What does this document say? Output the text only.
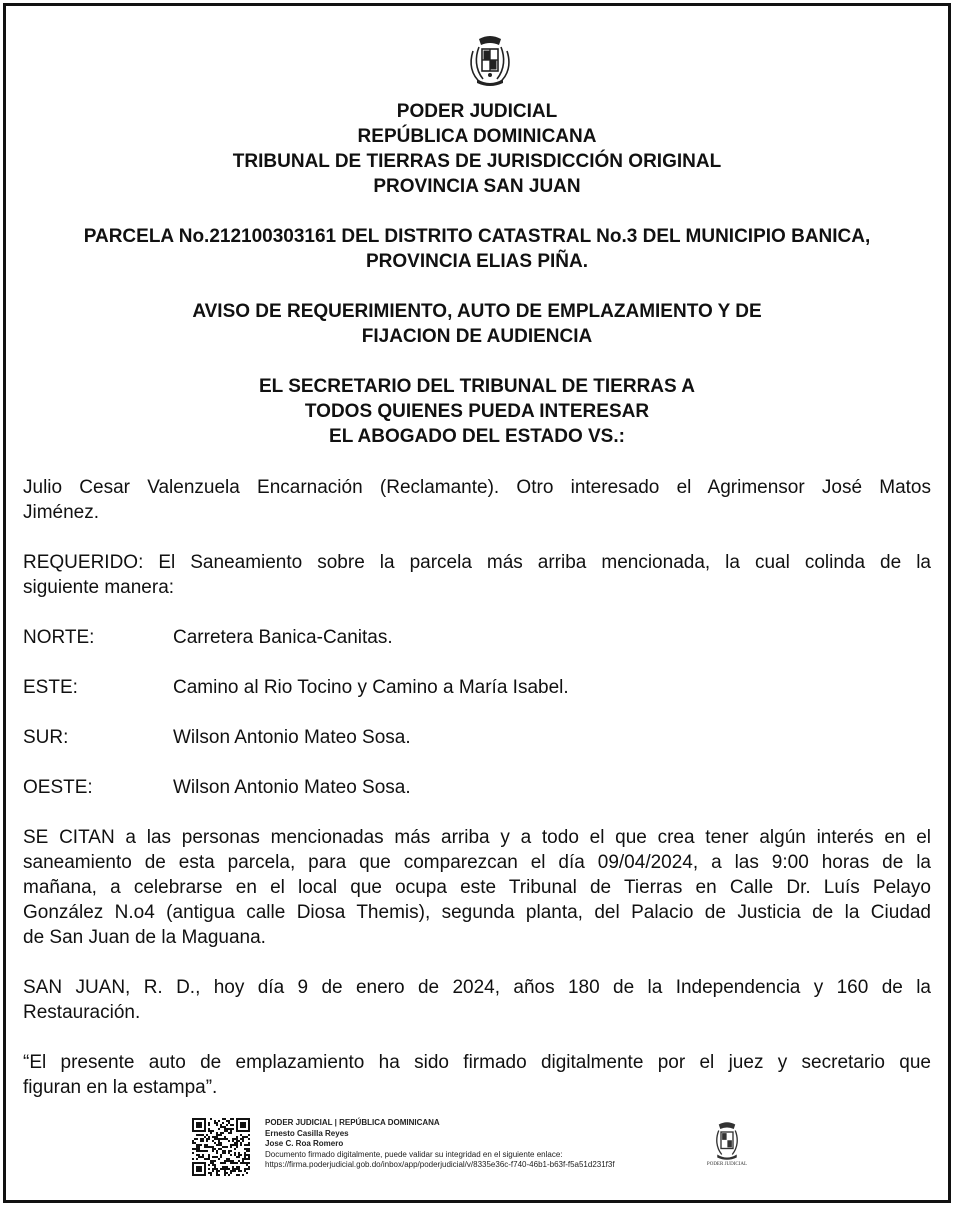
PODER JUDICIAL
REPÚBLICA DOMINICANA
TRIBUNAL DE TIERRAS DE JURISDICCIÓN ORIGINAL
PROVINCIA SAN JUAN
PARCELA No.212100303161 DEL DISTRITO CATASTRAL No.3 DEL MUNICIPIO BANICA,
PROVINCIA ELIAS PIÑA.
AVISO DE REQUERIMIENTO, AUTO DE EMPLAZAMIENTO Y DE
FIJACION DE AUDIENCIA
EL SECRETARIO DEL TRIBUNAL DE TIERRAS A
TODOS QUIENES PUEDA INTERESAR
EL ABOGADO DEL ESTADO VS.:
Julio Cesar Valenzuela Encarnación (Reclamante). Otro interesado el Agrimensor José Matos
Jiménez.
REQUERIDO: El Saneamiento sobre la parcela más arriba mencionada, la cual colinda de la
siguiente manera:
NORTE:	Carretera Banica-Canitas.
ESTE:	Camino al Rio Tocino y Camino a María Isabel.
SUR:	Wilson Antonio Mateo Sosa.
OESTE:	Wilson Antonio Mateo Sosa.
SE CITAN a las personas mencionadas más arriba y a todo el que crea tener algún interés en el
saneamiento de esta parcela, para que comparezcan el día 09/04/2024, a las 9:00 horas de la
mañana, a celebrarse en el local que ocupa este Tribunal de Tierras en Calle Dr. Luís Pelayo
González N.o4 (antigua calle Diosa Themis), segunda planta, del Palacio de Justicia de la Ciudad
de San Juan de la Maguana.
SAN JUAN, R. D., hoy día 9 de enero de 2024, años 180 de la Independencia y 160 de la
Restauración.
“El presente auto de emplazamiento ha sido firmado digitalmente por el juez y secretario que
figuran en la estampa”.
PODER JUDICIAL | REPÚBLICA DOMINICANA
Ernesto Casilla Reyes
Jose C. Roa Romero
Documento firmado digitalmente, puede validar su integridad en el siguiente enlace:
https://firma.poderjudicial.gob.do/inbox/app/poderjudicial/v/8335e36c-f740-46b1-b63f-f5a51d231f3f	PODER JUDICIAL
